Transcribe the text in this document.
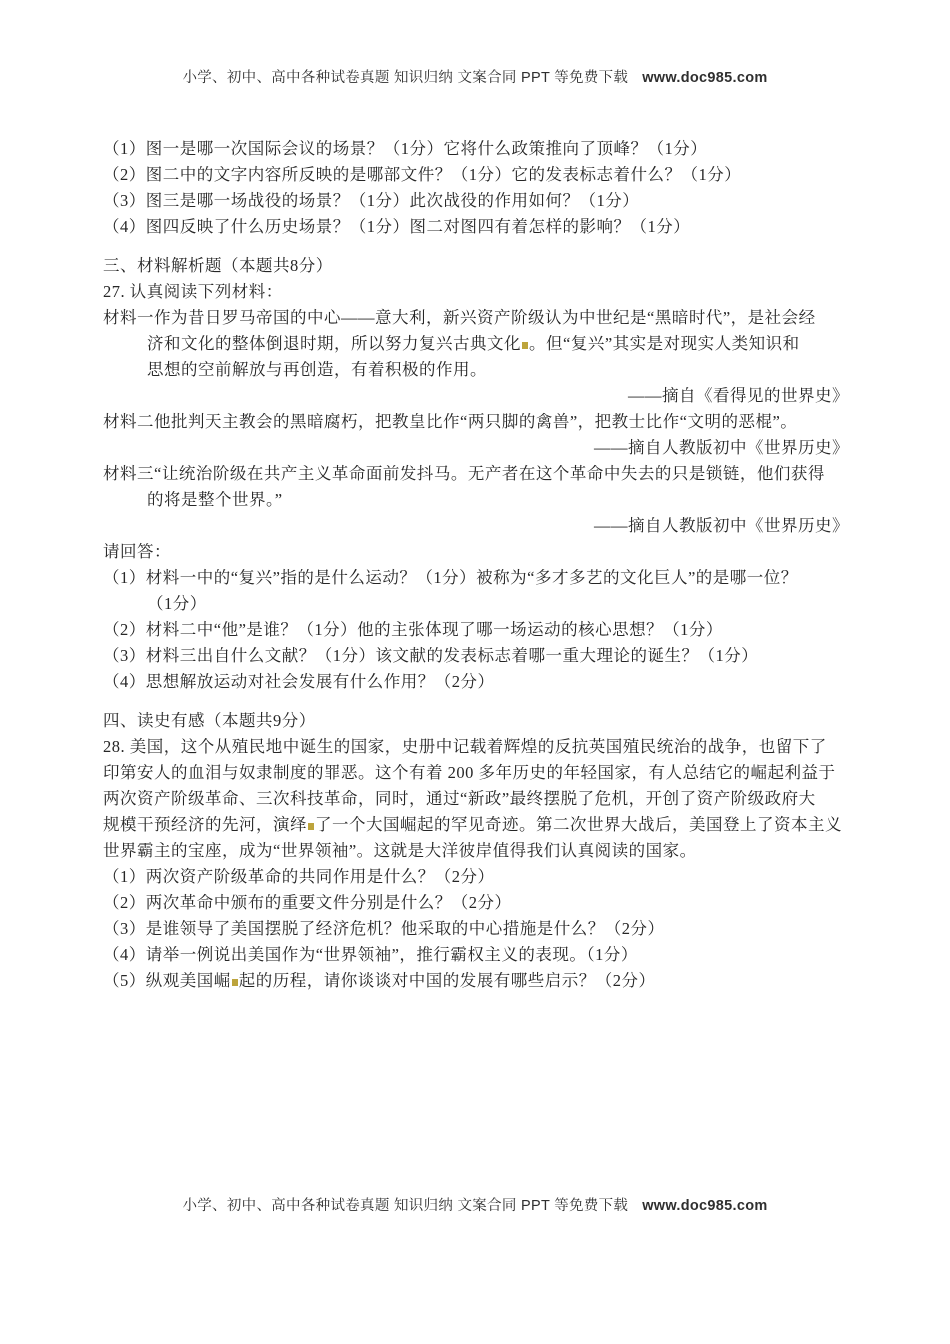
小学、初中、高中各种试卷真题 知识归纳 文案合同 PPT 等免费下载 www.doc985.com
（1）图一是哪一次国际会议的场景？（1分）它将什么政策推向了顶峰？（1分）
（2）图二中的文字内容所反映的是哪部文件？（1分）它的发表标志着什么？（1分）
（3）图三是哪一场战役的场景？（1分）此次战役的作用如何？（1分）
（4）图四反映了什么历史场景？（1分）图二对图四有着怎样的影响？（1分）
三、材料解析题（本题共8分）
27. 认真阅读下列材料：
材料一作为昔日罗马帝国的中心——意大利，新兴资产阶级认为中世纪是“黑暗时代”，是社会经
济和文化的整体倒退时期，所以努力复兴古典文化 。但“复兴”其实是对现实人类知识和
思想的空前解放与再创造，有着积极的作用。
——摘自《看得见的世界史》
材料二他批判天主教会的黑暗腐朽，把教皇比作“两只脚的禽兽”，把教士比作“文明的恶棍”。
——摘自人教版初中《世界历史》
材料三“让统治阶级在共产主义革命面前发抖马。无产者在这个革命中失去的只是锁链，他们获得
的将是整个世界。”
——摘自人教版初中《世界历史》
请回答：
（1）材料一中的“复兴”指的是什么运动？（1分）被称为“多才多艺的文化巨人”的是哪一位？
（1分）
（2）材料二中“他”是谁？（1分）他的主张体现了哪一场运动的核心思想？（1分）
（3）材料三出自什么文献？（1分）该文献的发表标志着哪一重大理论的诞生？（1分）
（4）思想解放运动对社会发展有什么作用？（2分）
四、读史有感（本题共9分）
28. 美国，这个从殖民地中诞生的国家，史册中记载着辉煌的反抗英国殖民统治的战争，也留下了
印第安人的血泪与奴隶制度的罪恶。这个有着 200 多年历史的年轻国家，有人总结它的崛起利益于
两次资产阶级革命、三次科技革命，同时，通过“新政”最终摆脱了危机，开创了资产阶级政府大
规模干预经济的先河，演绎 了一个大国崛起的罕见奇迹。第二次世界大战后，美国登上了资本主义
世界霸主的宝座，成为“世界领袖”。这就是大洋彼岸值得我们认真阅读的国家。
（1）两次资产阶级革命的共同作用是什么？（2分）
（2）两次革命中颁布的重要文件分别是什么？（2分）
（3）是谁领导了美国摆脱了经济危机？他采取的中心措施是什么？（2分）
（4）请举一例说出美国作为“世界领袖”，推行霸权主义的表现。（1分）
（5）纵观美国崛 起的历程，请你谈谈对中国的发展有哪些启示？（2分）
小学、初中、高中各种试卷真题 知识归纳 文案合同 PPT 等免费下载 www.doc985.com
